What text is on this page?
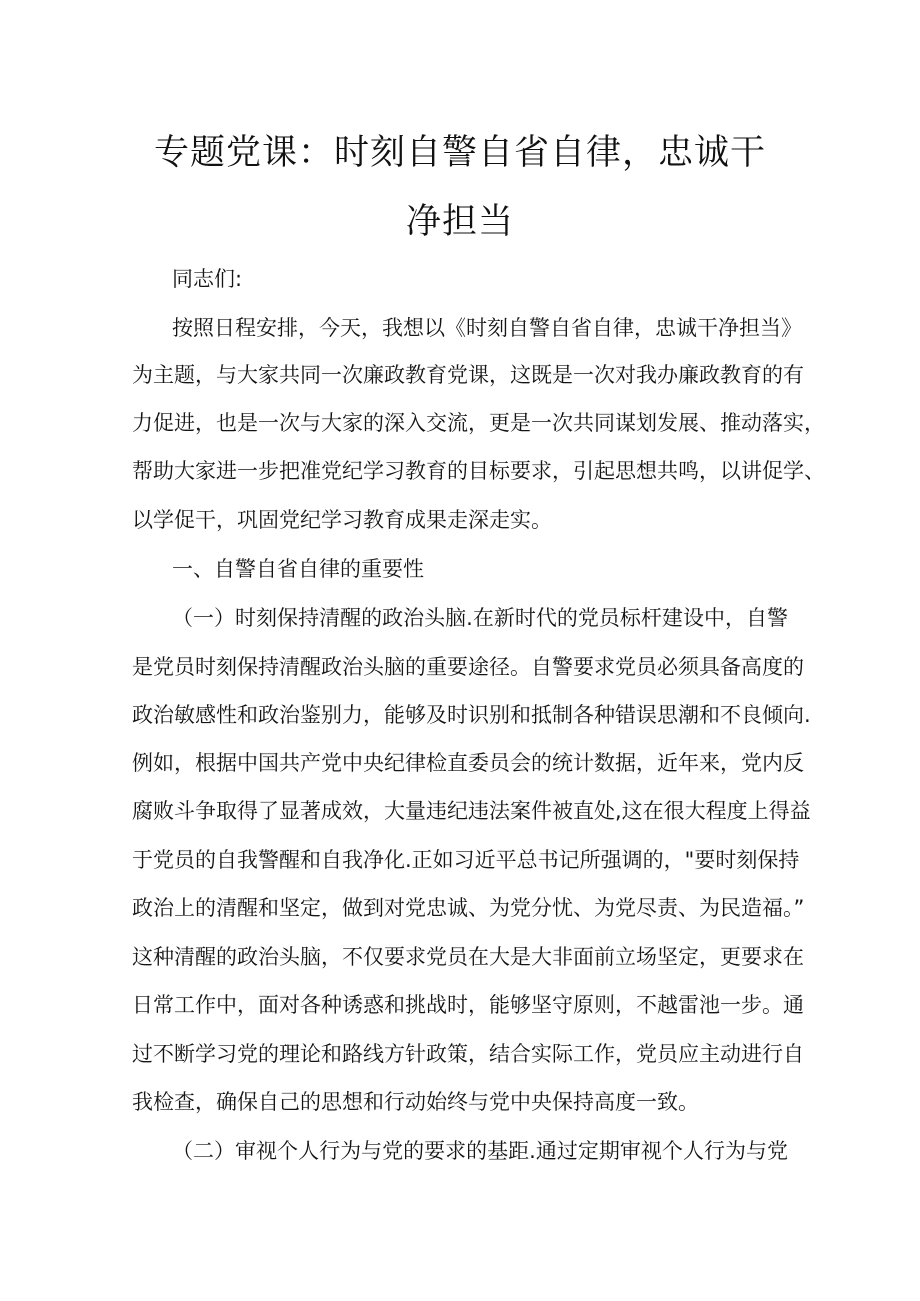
专题党课：时刻自警自省自律，忠诚干
净担当
同志们:
按照日程安排，今天，我想以《时刻自警自省自律，忠诚干净担当》
为主题，与大家共同一次廉政教育党课，这既是一次对我办廉政教育的有
力促进，也是一次与大家的深入交流，更是一次共同谋划发展、推动落实，
帮助大家进一步把准党纪学习教育的目标要求，引起思想共鸣，以讲促学、
以学促干，巩固党纪学习教育成果走深走实。
一、自警自省自律的重要性
（一）时刻保持清醒的政治头脑.在新时代的党员标杆建设中，自警
是党员时刻保持清醒政治头脑的重要途径。自警要求党员必须具备高度的
政治敏感性和政治鉴别力，能够及时识别和抵制各种错误思潮和不良倾向.
例如，根据中国共产党中央纪律检直委员会的统计数据，近年来，党内反
腐败斗争取得了显著成效，大量违纪违法案件被直处,这在很大程度上得益
于党员的自我警醒和自我净化.正如习近平总书记所强调的，"要时刻保持
政治上的清醒和坚定，做到对党忠诚、为党分忧、为党尽责、为民造福。”
这种清醒的政治头脑，不仅要求党员在大是大非面前立场坚定，更要求在
日常工作中，面对各种诱惑和挑战时，能够坚守原则，不越雷池一步。通
过不断学习党的理论和路线方针政策，结合实际工作，党员应主动进行自
我检查，确保自己的思想和行动始终与党中央保持高度一致。
（二）审视个人行为与党的要求的基距.通过定期审视个人行为与党
